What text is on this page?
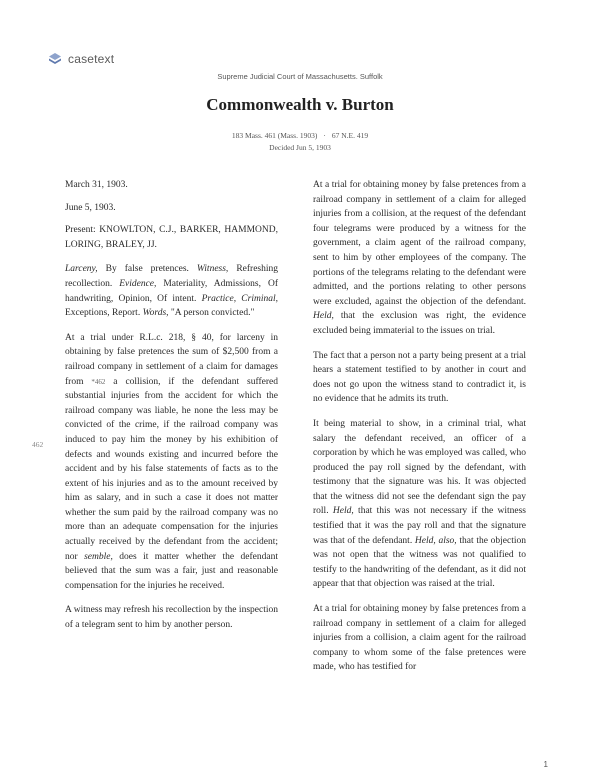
casetext
Supreme Judicial Court of Massachusetts. Suffolk
Commonwealth v. Burton
183 Mass. 461 (Mass. 1903) · 67 N.E. 419
Decided Jun 5, 1903
462

March 31, 1903.

June 5, 1903.

Present: KNOWLTON, C.J., BARKER, HAMMOND, LORING, BRALEY, JJ.

Larceny, By false pretences. Witness, Refreshing recollection. Evidence, Materiality, Admissions, Of handwriting, Opinion, Of intent. Practice, Criminal, Exceptions, Report. Words, "A person convicted."

At a trial under R.L.c. 218, § 40, for larceny in obtaining by false pretences the sum of $2,500 from a railroad company in settlement of a claim for damages from *462 a collision, if the defendant suffered substantial injuries from the accident for which the railroad company was liable, he none the less may be convicted of the crime, if the railroad company was induced to pay him the money by his exhibition of defects and wounds existing and incurred before the accident and by his false statements of facts as to the extent of his injuries and as to the amount received by him as salary, and in such a case it does not matter whether the sum paid by the railroad company was no more than an adequate compensation for the injuries actually received by the defendant from the accident; nor semble, does it matter whether the defendant believed that the sum was a fair, just and reasonable compensation for the injuries he received.

A witness may refresh his recollection by the inspection of a telegram sent to him by another person.

At a trial for obtaining money by false pretences from a railroad company in settlement of a claim for alleged injuries from a collision, at the request of the defendant four telegrams were produced by a witness for the government, a claim agent of the railroad company, sent to him by other employees of the company. The portions of the telegrams relating to the defendant were admitted, and the portions relating to other persons were excluded, against the objection of the defendant. Held, that the exclusion was right, the evidence excluded being immaterial to the issues on trial.

The fact that a person not a party being present at a trial hears a statement testified to by another in court and does not go upon the witness stand to contradict it, is no evidence that he admits its truth.

It being material to show, in a criminal trial, what salary the defendant received, an officer of a corporation by which he was employed was called, who produced the pay roll signed by the defendant, with testimony that the signature was his. It was objected that the witness did not see the defendant sign the pay roll. Held, that this was not necessary if the witness testified that it was the pay roll and that the signature was that of the defendant. Held, also, that the objection was not open that the witness was not qualified to testify to the handwriting of the defendant, as it did not appear that that objection was raised at the trial.

At a trial for obtaining money by false pretences from a railroad company in settlement of a claim for alleged injuries from a collision, a claim agent for the railroad company to whom some of the false pretences were made, who has testified for

1
